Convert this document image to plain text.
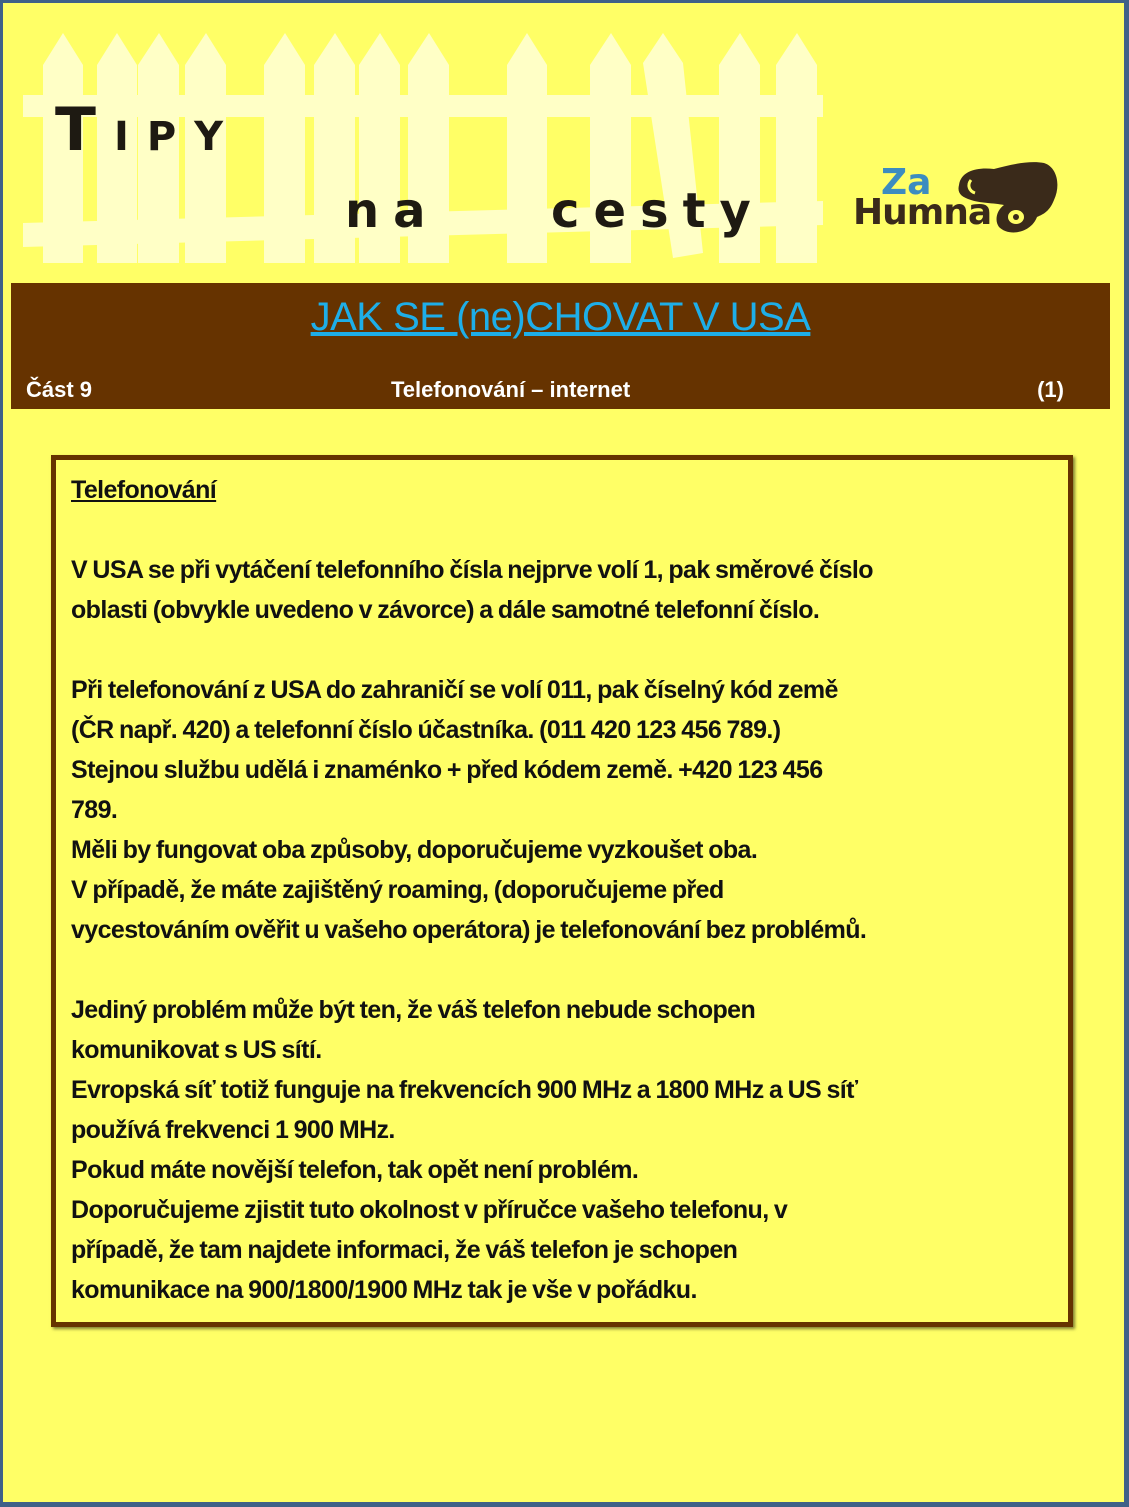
TIPY
na cesty
Za
Humna
JAK SE (ne)CHOVAT V USA
Část 9	Telefonování – internet	(1)

Telefonování

V USA se při vytáčení telefonního čísla nejprve volí 1, pak směrové číslo

oblasti (obvykle uvedeno v závorce) a dále samotné telefonní číslo.

Při telefonování z USA do zahraničí se volí 011, pak číselný kód země

(ČR např. 420) a telefonní číslo účastníka. (011 420 123 456 789.)

Stejnou službu udělá i znaménko + před kódem země. +420 123 456

789.

Měli by fungovat oba způsoby, doporučujeme vyzkoušet oba.

V případě, že máte zajištěný roaming, (doporučujeme před

vycestováním ověřit u vašeho operátora) je telefonování bez problémů.

Jediný problém může být ten, že váš telefon nebude schopen

komunikovat s US sítí.

Evropská síť totiž funguje na frekvencích 900 MHz a 1800 MHz a US síť

používá frekvenci 1 900 MHz.

Pokud máte novější telefon, tak opět není problém.

Doporučujeme zjistit tuto okolnost v příručce vašeho telefonu, v

případě, že tam najdete informaci, že váš telefon je schopen

komunikace na 900/1800/1900 MHz tak je vše v pořádku.
